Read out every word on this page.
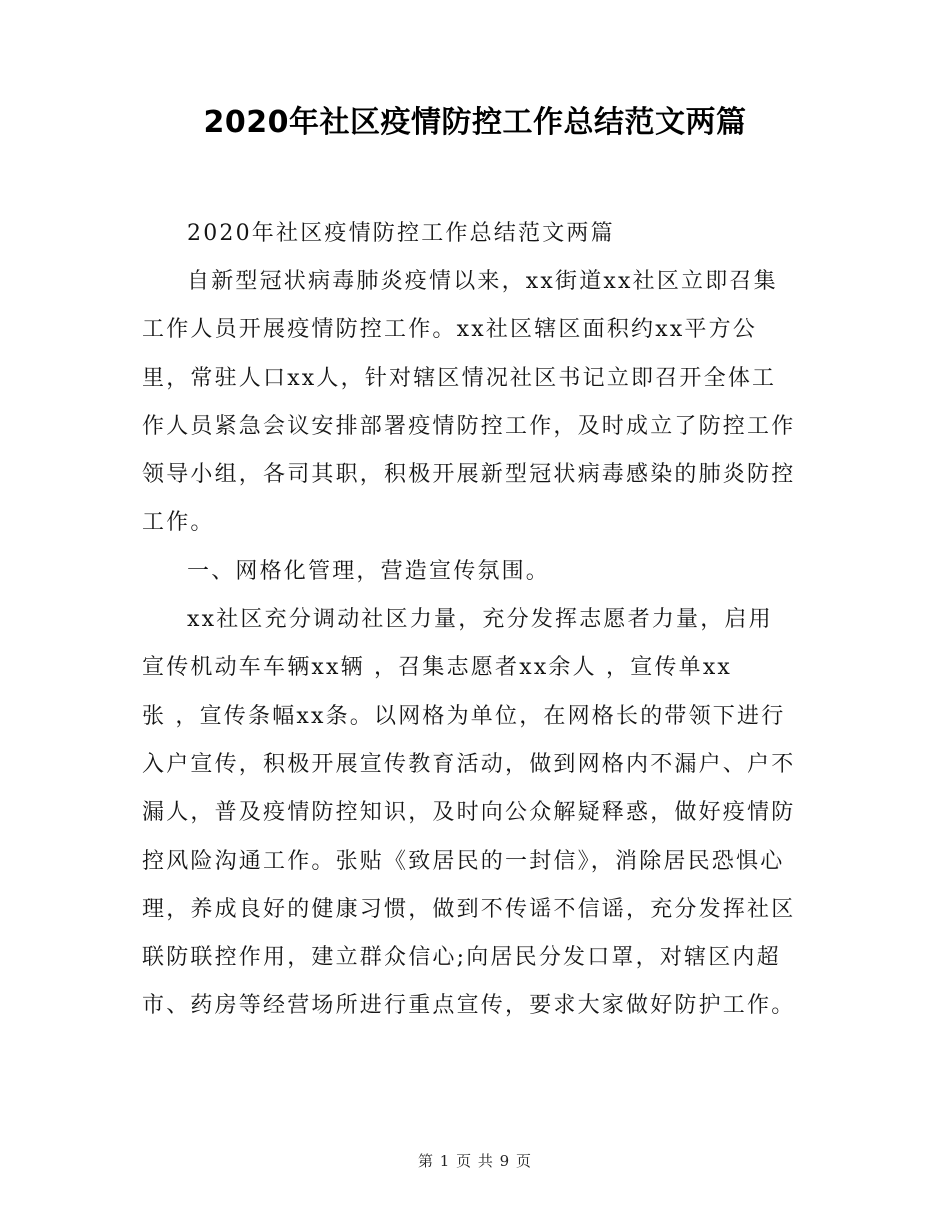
2020年社区疫情防控工作总结范文两篇
2020年社区疫情防控工作总结范文两篇
自新型冠状病毒肺炎疫情以来，xx街道xx社区立即召集
工作人员开展疫情防控工作。xx社区辖区面积约xx平方公
里，常驻人口xx人，针对辖区情况社区书记立即召开全体工
作人员紧急会议安排部署疫情防控工作，及时成立了防控工作
领导小组，各司其职，积极开展新型冠状病毒感染的肺炎防控
工作。
一、网格化管理，营造宣传氛围。
xx社区充分调动社区力量，充分发挥志愿者力量，启用
宣传机动车车辆xx辆 ，召集志愿者xx余人 ，宣传单xx
张 ，宣传条幅xx条。以网格为单位，在网格长的带领下进行
入户宣传，积极开展宣传教育活动，做到网格内不漏户、户不
漏人，普及疫情防控知识，及时向公众解疑释惑，做好疫情防
控风险沟通工作。张贴《致居民的一封信》，消除居民恐惧心
理，养成良好的健康习惯，做到不传谣不信谣，充分发挥社区
联防联控作用，建立群众信心;向居民分发口罩，对辖区内超
市、药房等经营场所进行重点宣传，要求大家做好防护工作。
第 1 页 共 9 页
